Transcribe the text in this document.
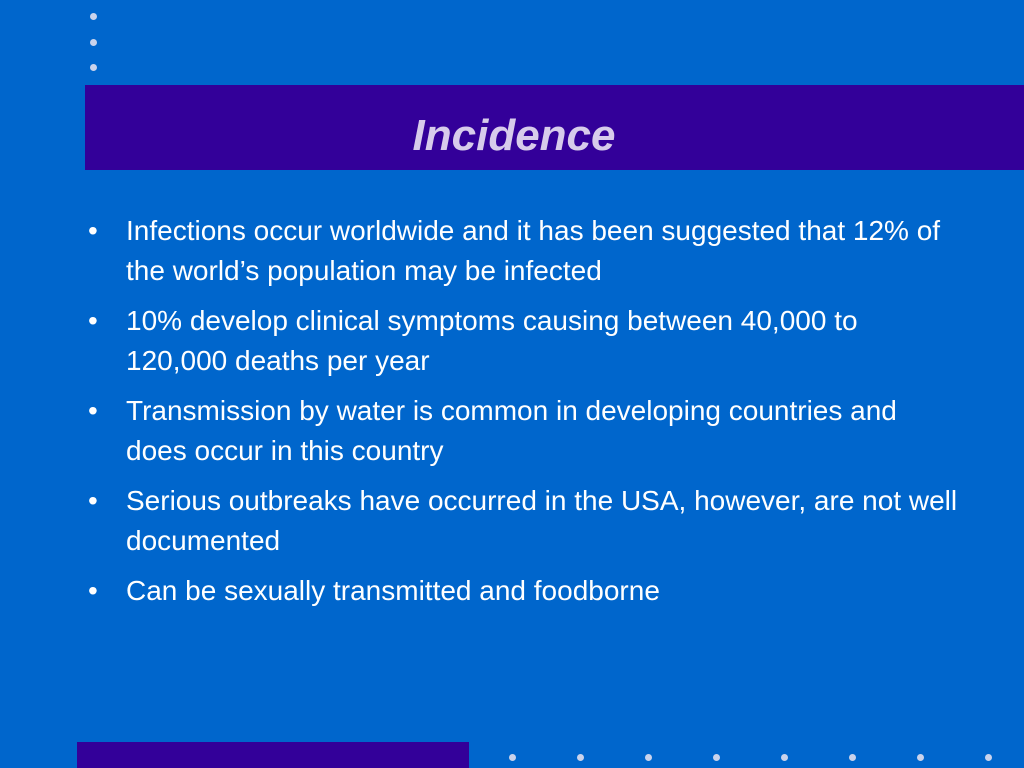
Incidence
•	Infections occur worldwide and it has been suggested that 12% of the world’s population may be infected
•	10% develop clinical symptoms causing between 40,000 to 120,000 deaths per year
•	Transmission by water is common in developing countries and does occur in this country
•	Serious outbreaks have occurred in the USA, however, are not well documented
•	Can be sexually transmitted and foodborne
